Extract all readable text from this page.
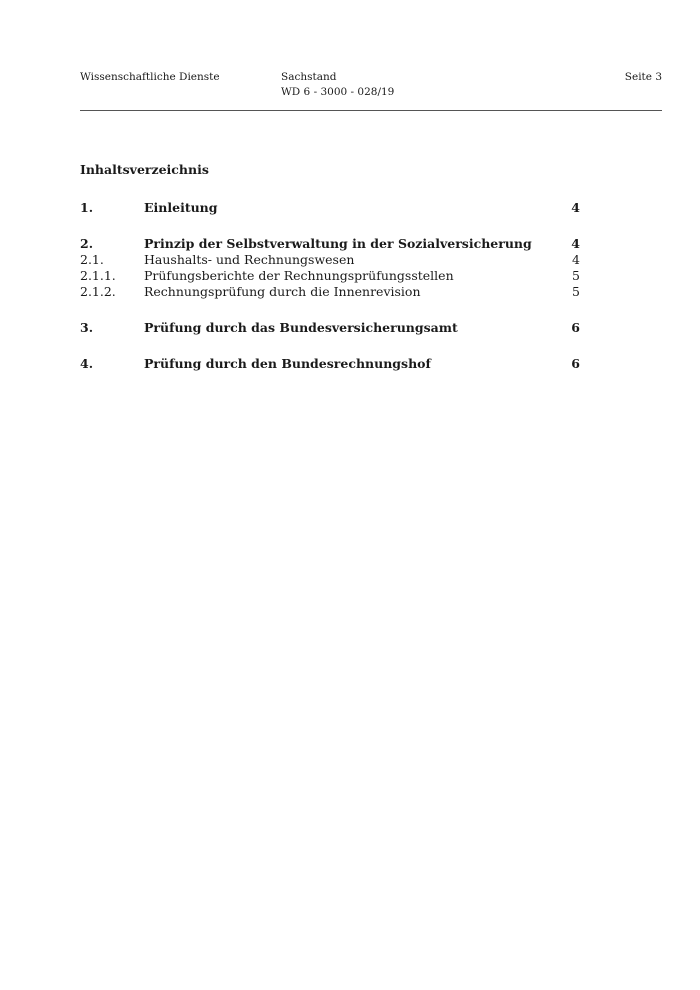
Wissenschaftliche Dienste	Sachstand
WD 6 - 3000 - 028/19
Seite 3
Inhaltsverzeichnis
1.	Einleitung	4
2.	Prinzip der Selbstverwaltung in der Sozialversicherung	4
2.1.	Haushalts- und Rechnungswesen	4
2.1.1. Prüfungsberichte der Rechnungsprüfungsstellen	5
2.1.2. Rechnungsprüfung durch die Innenrevision	5
3.	Prüfung durch das Bundesversicherungsamt	6
4.	Prüfung durch den Bundesrechnungshof	6
